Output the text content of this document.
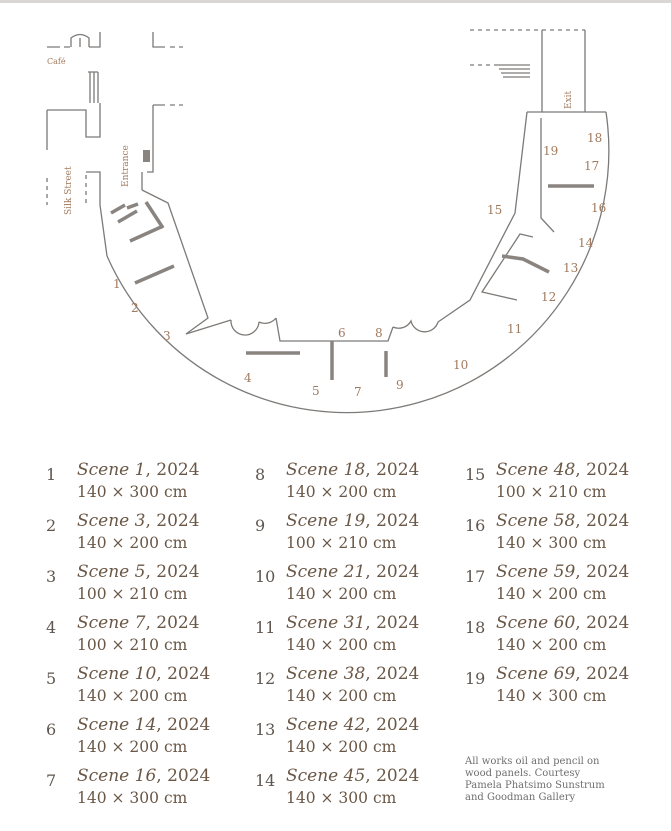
Café
Silk Street
Entrance
Exit
1
2
3
4
5
6
7
8
9
10
11
12
13
14
15	16
17
18
19
1 Scene 1, 2024
140 × 300 cm
2 Scene 3, 2024
140 × 200 cm
3 Scene 5, 2024
100 × 210 cm
4 Scene 7, 2024
100 × 210 cm
5 Scene 10, 2024
140 × 200 cm
6 Scene 14, 2024
140 × 200 cm
7 Scene 16, 2024
140 × 300 cm
8 Scene 18, 2024
140 × 200 cm
9 Scene 19, 2024
100 × 210 cm
10 Scene 21, 2024
140 × 200 cm
11 Scene 31, 2024
140 × 200 cm
12 Scene 38, 2024
140 × 200 cm
13 Scene 42, 2024
140 × 200 cm
14 Scene 45, 2024
140 × 300 cm
15 Scene 48, 2024
100 × 210 cm
16 Scene 58, 2024
140 × 300 cm
17 Scene 59, 2024
140 × 200 cm
18 Scene 60, 2024
140 × 200 cm
19 Scene 69, 2024
140 × 300 cm
All works oil and pencil on wood panels. Courtesy Pamela Phatsimo Sunstrum and Goodman Gallery
